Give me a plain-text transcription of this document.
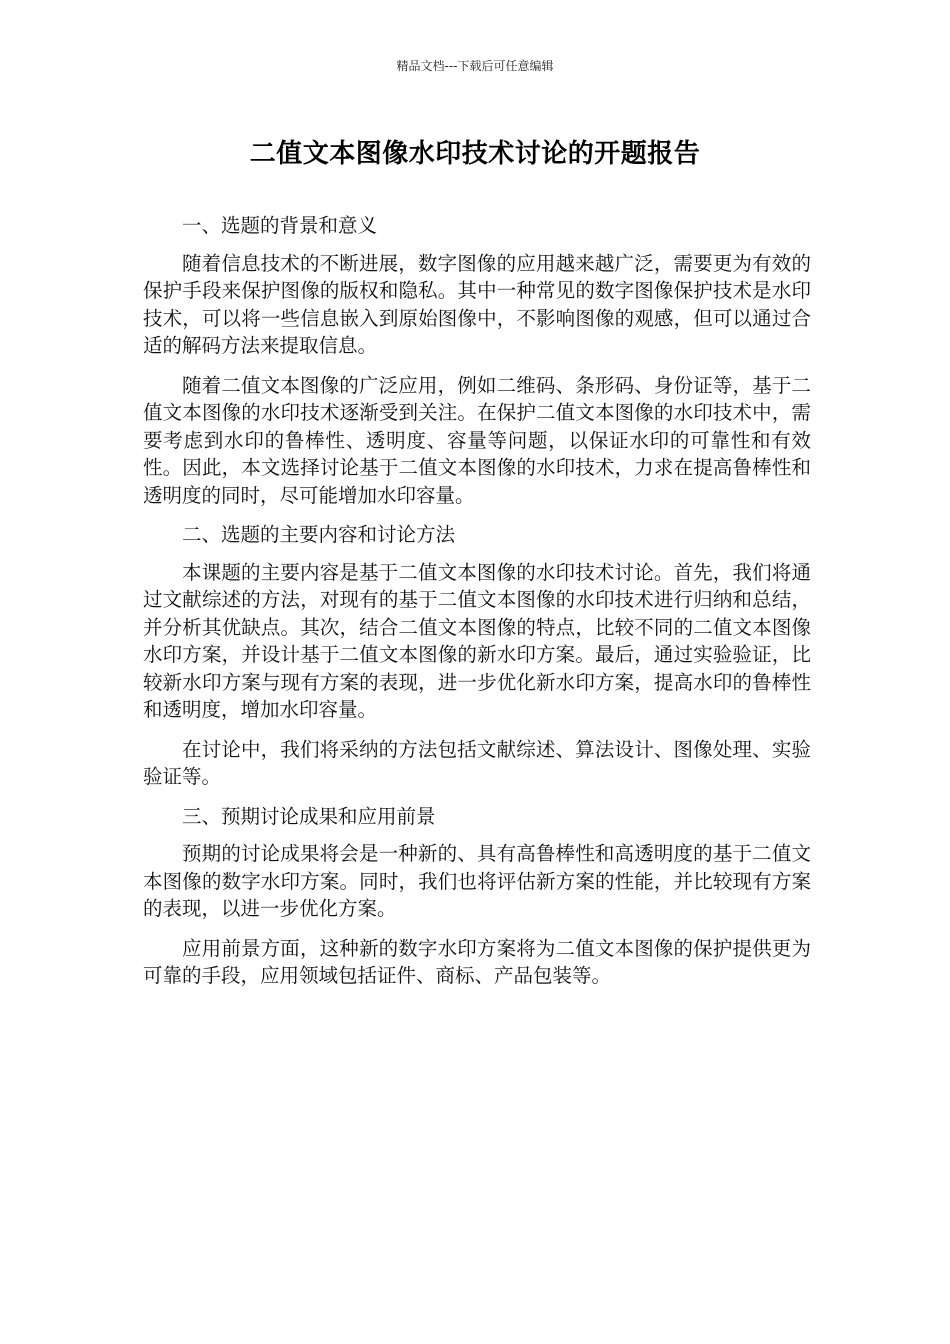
精品文档---下载后可任意编辑
二值文本图像水印技术讨论的开题报告

一、选题的背景和意义

随着信息技术的不断进展，数字图像的应用越来越广泛，需要更为有效的保护手段来保护图像的版权和隐私。其中一种常见的数字图像保护技术是水印技术，可以将一些信息嵌入到原始图像中，不影响图像的观感，但可以通过合适的解码方法来提取信息。

随着二值文本图像的广泛应用，例如二维码、条形码、身份证等，基于二值文本图像的水印技术逐渐受到关注。在保护二值文本图像的水印技术中，需要考虑到水印的鲁棒性、透明度、容量等问题，以保证水印的可靠性和有效性。因此，本文选择讨论基于二值文本图像的水印技术，力求在提高鲁棒性和透明度的同时，尽可能增加水印容量。

二、选题的主要内容和讨论方法

本课题的主要内容是基于二值文本图像的水印技术讨论。首先，我们将通过文献综述的方法，对现有的基于二值文本图像的水印技术进行归纳和总结，并分析其优缺点。其次，结合二值文本图像的特点，比较不同的二值文本图像水印方案，并设计基于二值文本图像的新水印方案。最后，通过实验验证，比较新水印方案与现有方案的表现，进一步优化新水印方案，提高水印的鲁棒性和透明度，增加水印容量。

在讨论中，我们将采纳的方法包括文献综述、算法设计、图像处理、实验验证等。

三、预期讨论成果和应用前景

预期的讨论成果将会是一种新的、具有高鲁棒性和高透明度的基于二值文本图像的数字水印方案。同时，我们也将评估新方案的性能，并比较现有方案的表现，以进一步优化方案。

应用前景方面，这种新的数字水印方案将为二值文本图像的保护提供更为可靠的手段，应用领域包括证件、商标、产品包装等。
